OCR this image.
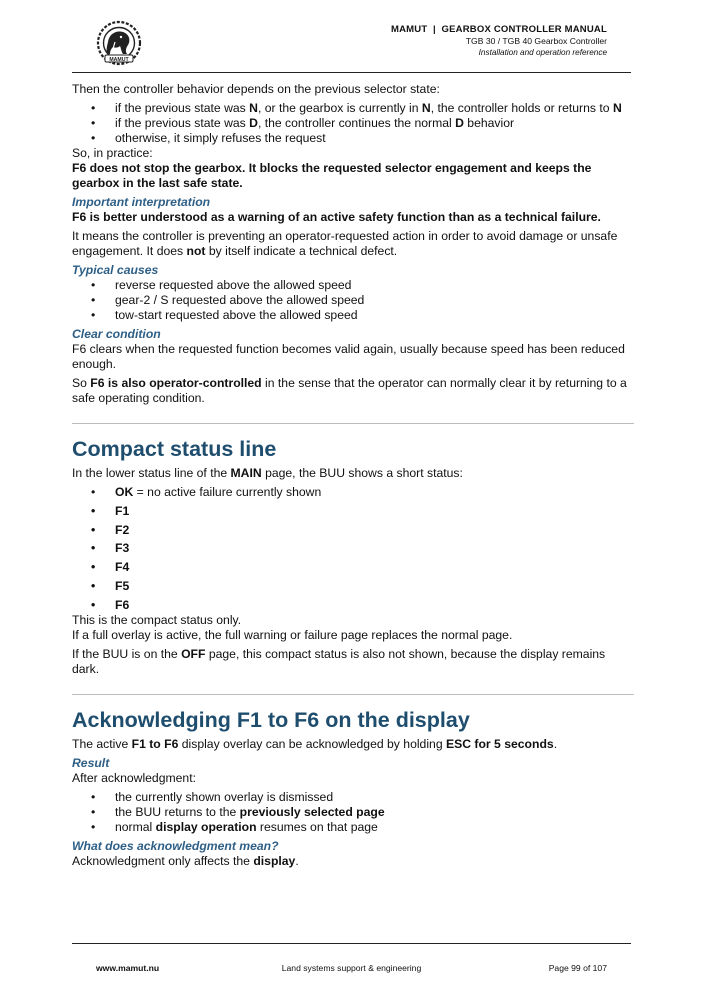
MAMUT
MAMUT  |  GEARBOX CONTROLLER MANUAL
TGB 30 / TGB 40 Gearbox Controller
Installation and operation reference

Then the controller behavior depends on the previous selector state:

• if the previous state was N, or the gearbox is currently in N, the controller holds or returns to N
• if the previous state was D, the controller continues the normal D behavior
• otherwise, it simply refuses the request

So, in practice:

F6 does not stop the gearbox. It blocks the requested selector engagement and keeps the gearbox in the last safe state.

Important interpretation

F6 is better understood as a warning of an active safety function than as a technical failure.

It means the controller is preventing an operator-requested action in order to avoid damage or unsafe engagement. It does not by itself indicate a technical defect.

Typical causes

• reverse requested above the allowed speed
• gear-2 / S requested above the allowed speed
• tow-start requested above the allowed speed

Clear condition

F6 clears when the requested function becomes valid again, usually because speed has been reduced enough.

So F6 is also operator-controlled in the sense that the operator can normally clear it by returning to a safe operating condition.

Compact status line

In the lower status line of the MAIN page, the BUU shows a short status:

• OK = no active failure currently shown
• F1
• F2
• F3
• F4
• F5
• F6

This is the compact status only.

If a full overlay is active, the full warning or failure page replaces the normal page.

If the BUU is on the OFF page, this compact status is also not shown, because the display remains dark.

Acknowledging F1 to F6 on the display

The active F1 to F6 display overlay can be acknowledged by holding ESC for 5 seconds.

Result

After acknowledgment:

• the currently shown overlay is dismissed
• the BUU returns to the previously selected page
• normal display operation resumes on that page

What does acknowledgment mean?

Acknowledgment only affects the display.

www.mamut.nu	Land systems support & engineering	Page 99 of 107
